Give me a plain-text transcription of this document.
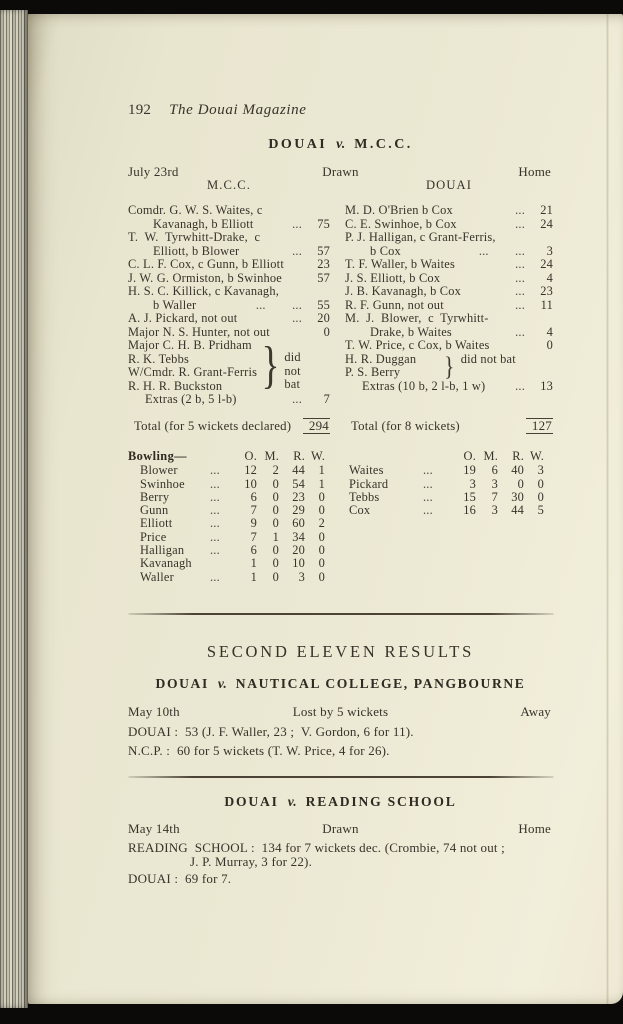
192 The Douai Magazine
DOUAI v. M.C.C.
July 23rd	Drawn	Home
M.C.C.	DOUAI
Comdr. G. W. S. Waites, c
Kavanagh, b Elliott	...	75
T.  W.  Tyrwhitt-Drake,  c
Elliott, b Blower	...	57
C. L. F. Cox, c Gunn, b Elliott	23
J. W. G. Ormiston, b Swinhoe	57
H. S. C. Killick, c Kavanagh,
b Waller	...        ...	55
A. J. Pickard, not out	...	20
Major N. S. Hunter, not out	0
Major C. H. B. Pridham
R. K. Tebbs
W/Cmdr. R. Grant-Ferris
R. H. R. Buckston } did
not
bat
Extras (2 b, 5 l-b)	...	7
Total (for 5 wickets declared)	294
M. D. O'Brien b Cox	...	21
C. E. Swinhoe, b Cox	...	24
P. J. Halligan, c Grant-Ferris,
b Cox	...        ...	3
T. F. Waller, b Waites	...	24
J. S. Elliott, b Cox	...	4
J. B. Kavanagh, b Cox	...	23
R. F. Gunn, not out	...	11
M.  J.  Blower,  c  Tyrwhitt-
Drake, b Waites	...	4
T. W. Price, c Cox, b Waites	0
H. R. Duggan
P. S. Berry	} did not bat
Extras (10 b, 2 l-b, 1 w) ...	13
Total (for 8 wickets)	127
Bowling—	O. M.	R. W.
Blower	...	12	2	44	1
Swinhoe	...	10	0	54	1
Berry	...	6	0	23	0
Gunn	...	7	0	29	0
Elliott	...	9	0	60	2
Price	...	7	1	34	0
Halligan	...	6	0	20	0
Kavanagh	1	0	10	0
Waller	...	1	0	3	0
O. M.	R. W.
Waites	...	19	6	40	3
Pickard	...	3	3	0	0
Tebbs	...	15	7	30	0
Cox	...	16	3	44	5
SECOND ELEVEN RESULTS
DOUAI v. NAUTICAL COLLEGE, PANGBOURNE
May 10th	Lost by 5 wickets	Away
DOUAI :  53 (J. F. Waller, 23 ;  V. Gordon, 6 for 11).
N.C.P. :  60 for 5 wickets (T. W. Price, 4 for 26).
DOUAI v. READING SCHOOL
May 14th	Drawn	Home
READING  SCHOOL :  134 for 7 wickets dec. (Crombie, 74 not out ;
J. P. Murray, 3 for 22).
DOUAI :  69 for 7.
